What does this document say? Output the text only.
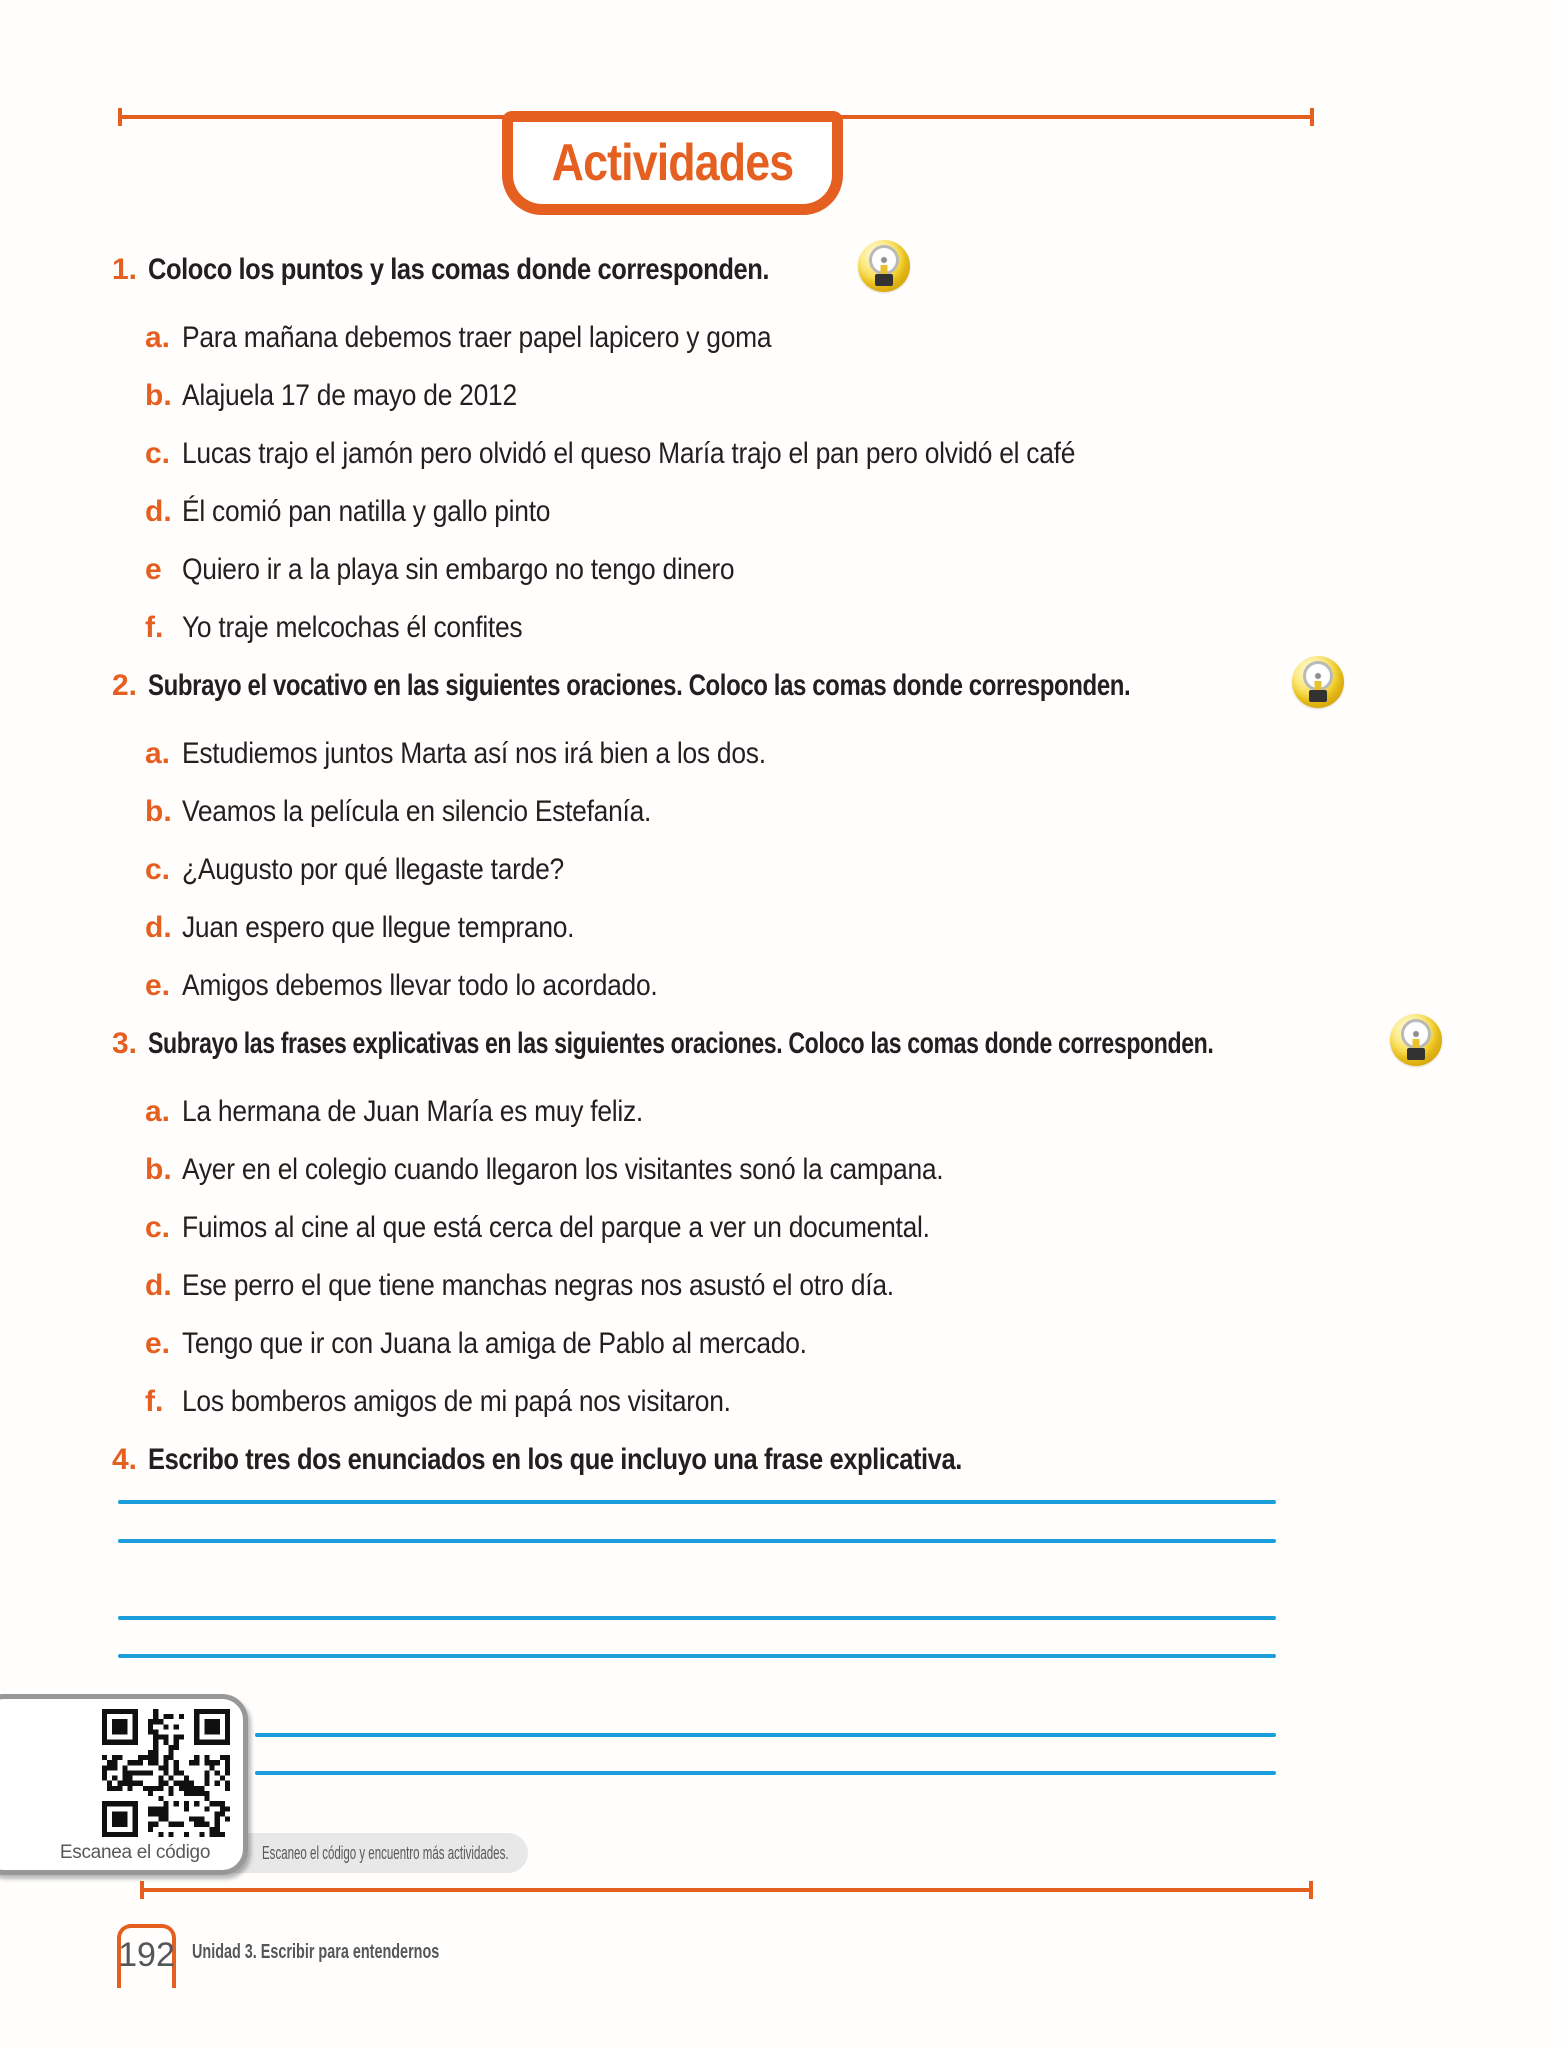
Actividades
1. Coloco los puntos y las comas donde corresponden.
a. Para mañana debemos traer papel lapicero y goma
b. Alajuela 17 de mayo de 2012
c. Lucas trajo el jamón pero olvidó el queso María trajo el pan pero olvidó el café
d. Él comió pan natilla y gallo pinto
e Quiero ir a la playa sin embargo no tengo dinero
f. Yo traje melcochas él confites
2. Subrayo el vocativo en las siguientes oraciones. Coloco las comas donde corresponden.
a. Estudiemos juntos Marta así nos irá bien a los dos.
b. Veamos la película en silencio Estefanía.
c. ¿Augusto por qué llegaste tarde?
d. Juan espero que llegue temprano.
e. Amigos debemos llevar todo lo acordado.
3. Subrayo las frases explicativas en las siguientes oraciones. Coloco las comas donde corresponden.
a. La hermana de Juan María es muy feliz.
b. Ayer en el colegio cuando llegaron los visitantes sonó la campana.
c. Fuimos al cine al que está cerca del parque a ver un documental.
d. Ese perro el que tiene manchas negras nos asustó el otro día.
e. Tengo que ir con Juana la amiga de Pablo al mercado.
f. Los bomberos amigos de mi papá nos visitaron.
4. Escribo tres dos enunciados en los que incluyo una frase explicativa.
Escaneo el código y encuentro más actividades.
Escanea el código
192 Unidad 3. Escribir para entendernos
